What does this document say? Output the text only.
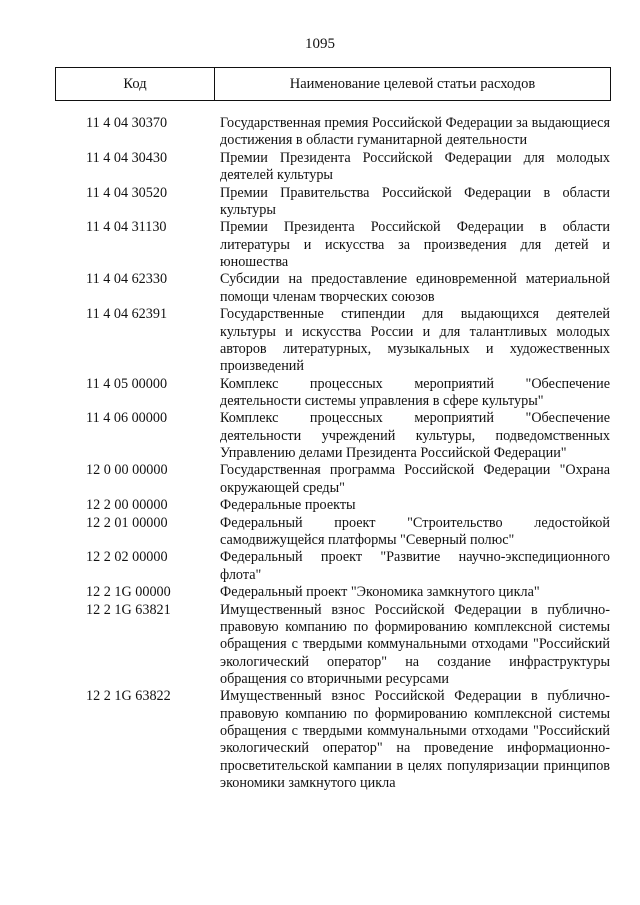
1095
Код	Наименование целевой статьи расходов
11 4 04 30370	Государственная премия Российской Федерации за выдающиеся достижения в области гуманитарной деятельности
11 4 04 30430	Премии Президента Российской Федерации для молодых деятелей культуры
11 4 04 30520	Премии Правительства Российской Федерации в области культуры
11 4 04 31130	Премии Президента Российской Федерации в области литературы и искусства за произведения для детей и юношества
11 4 04 62330	Субсидии на предоставление единовременной материальной помощи членам творческих союзов
11 4 04 62391	Государственные стипендии для выдающихся деятелей культуры и искусства России и для талантливых молодых авторов литературных, музыкальных и художественных произведений
11 4 05 00000	Комплекс процессных мероприятий "Обеспечение деятельности системы управления в сфере культуры"
11 4 06 00000	Комплекс процессных мероприятий "Обеспечение деятельности учреждений культуры, подведомственных Управлению делами Президента Российской Федерации"
12 0 00 00000	Государственная программа Российской Федерации "Охрана окружающей среды"
12 2 00 00000	Федеральные проекты
12 2 01 00000	Федеральный проект "Строительство ледостойкой самодвижущейся платформы "Северный полюс"
12 2 02 00000	Федеральный проект "Развитие научно-экспедиционного флота"
12 2 1G 00000	Федеральный проект "Экономика замкнутого цикла"
12 2 1G 63821	Имущественный взнос Российской Федерации в публично-правовую компанию по формированию комплексной системы обращения с твердыми коммунальными отходами "Российский экологический оператор" на создание инфраструктуры обращения со вторичными ресурсами
12 2 1G 63822	Имущественный взнос Российской Федерации в публично-правовую компанию по формированию комплексной системы обращения с твердыми коммунальными отходами "Российский экологический оператор" на проведение информационно-просветительской кампании в целях популяризации принципов экономики замкнутого цикла
